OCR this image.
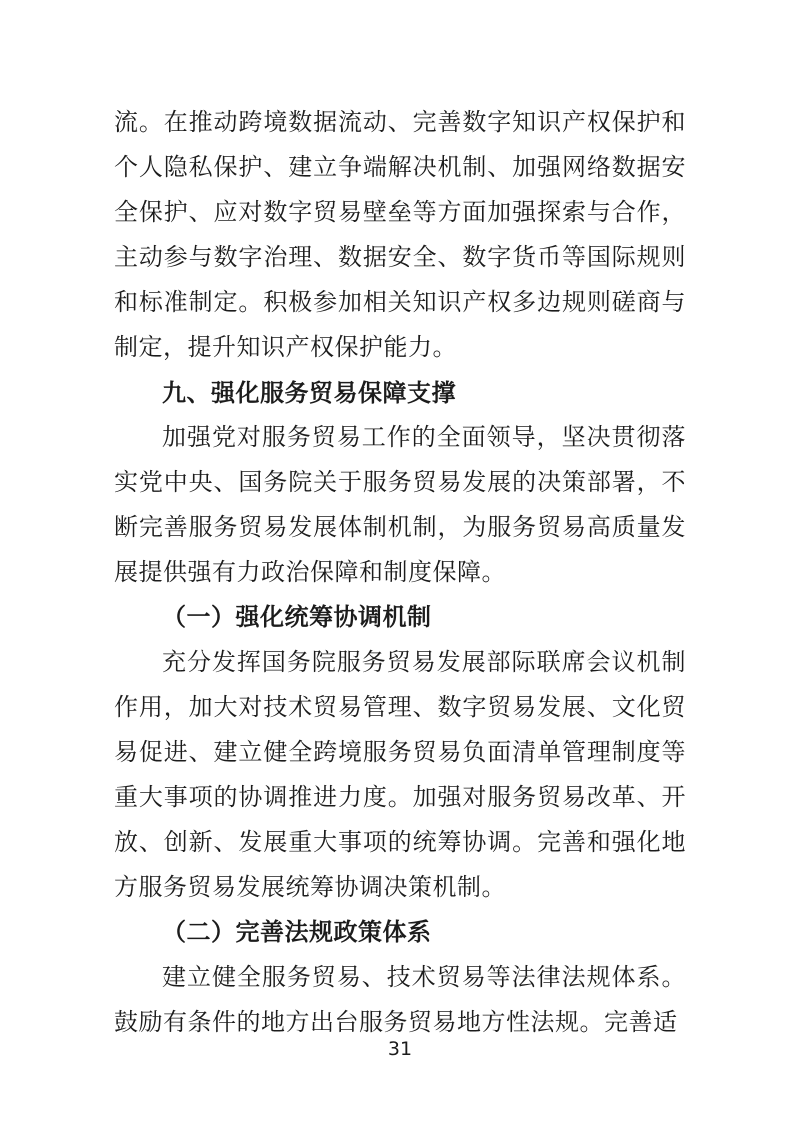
流。在推动跨境数据流动、完善数字知识产权保护和个人隐私保护、建立争端解决机制、加强网络数据安全保护、应对数字贸易壁垒等方面加强探索与合作，主动参与数字治理、数据安全、数字货币等国际规则和标准制定。积极参加相关知识产权多边规则磋商与制定，提升知识产权保护能力。

九、强化服务贸易保障支撑

加强党对服务贸易工作的全面领导，坚决贯彻落实党中央、国务院关于服务贸易发展的决策部署，不断完善服务贸易发展体制机制，为服务贸易高质量发展提供强有力政治保障和制度保障。

（一）强化统筹协调机制

充分发挥国务院服务贸易发展部际联席会议机制作用，加大对技术贸易管理、数字贸易发展、文化贸易促进、建立健全跨境服务贸易负面清单管理制度等重大事项的协调推进力度。加强对服务贸易改革、开放、创新、发展重大事项的统筹协调。完善和强化地方服务贸易发展统筹协调决策机制。

（二）完善法规政策体系

建立健全服务贸易、技术贸易等法律法规体系。鼓励有条件的地方出台服务贸易地方性法规。完善适

31
